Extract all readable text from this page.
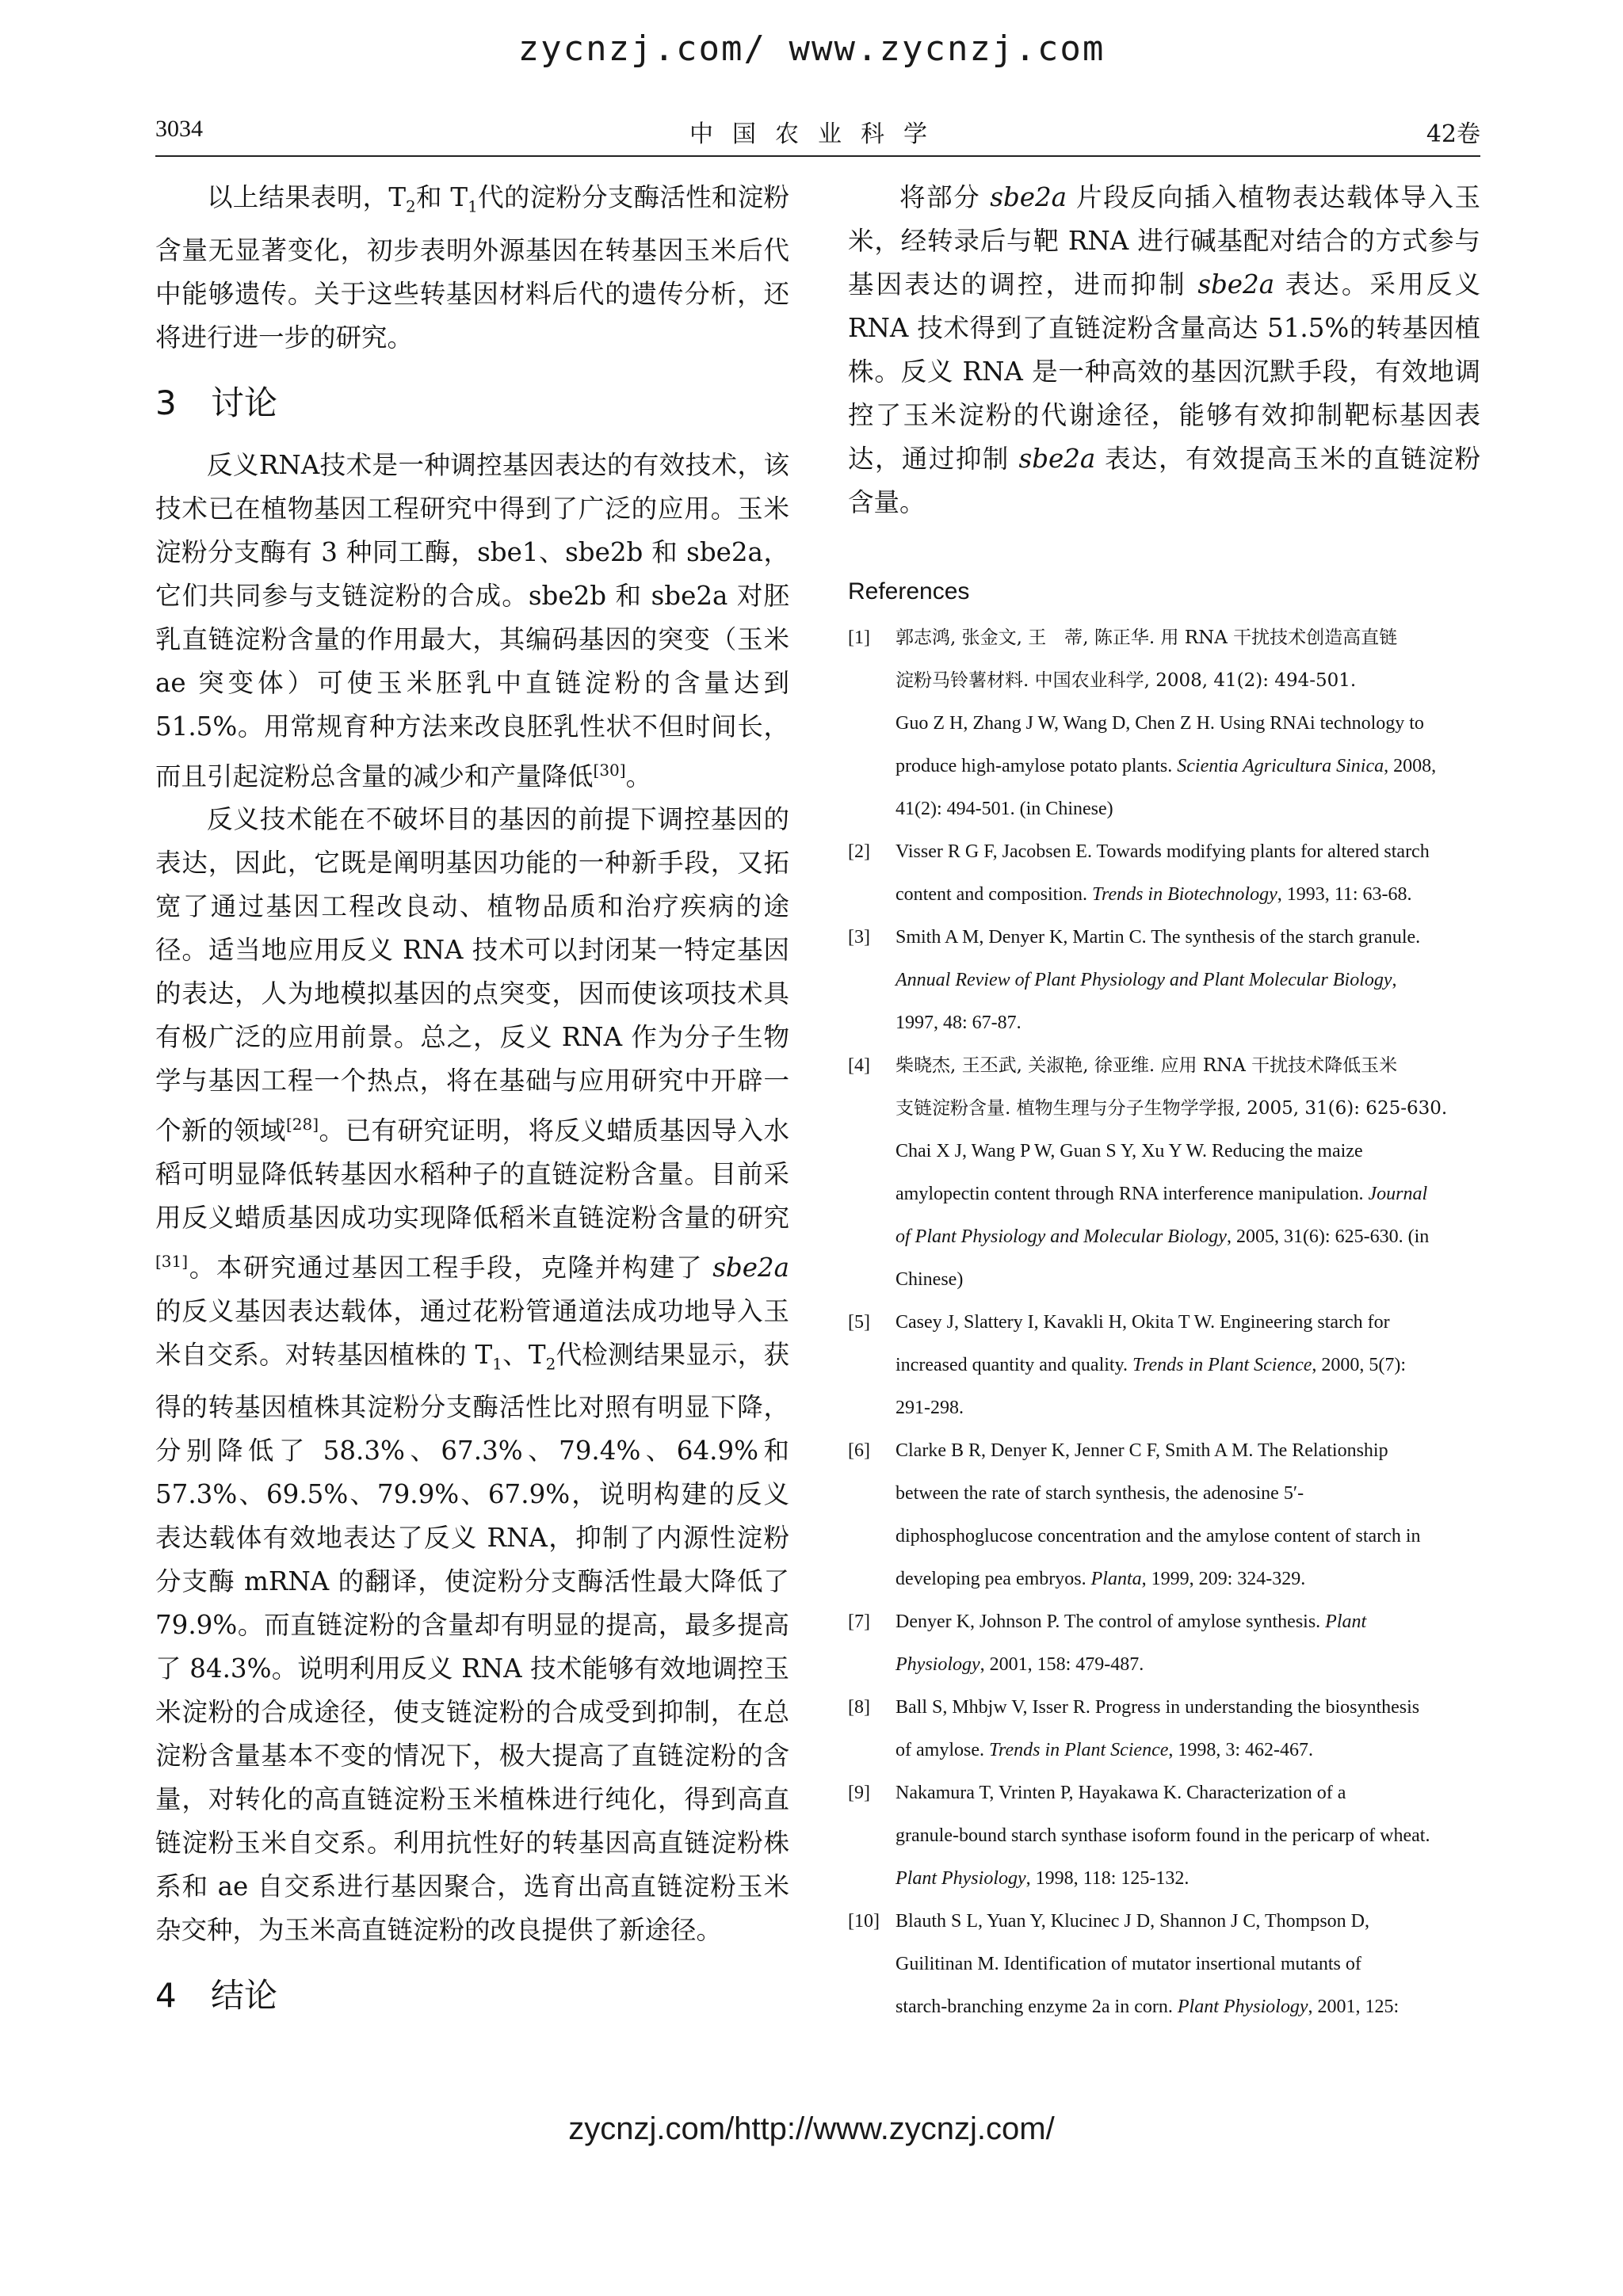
zycnzj.com/ www.zycnzj.com
3034	中国农业科学	42卷

以上结果表明，$T_2$和 $T_1$代的淀粉分支酶活性和淀粉含量无显著变化，初步表明外源基因在转基因玉米后代中能够遗传。关于这些转基因材料后代的遗传分析，还将进行进一步的研究。

3 讨论

反义RNA技术是一种调控基因表达的有效技术，该技术已在植物基因工程研究中得到了广泛的应用。玉米淀粉分支酶有 3 种同工酶，sbe1、sbe2b 和 sbe2a，它们共同参与支链淀粉的合成。sbe2b 和 sbe2a 对胚乳直链淀粉含量的作用最大，其编码基因的突变（玉米 ae 突变体）可使玉米胚乳中直链淀粉的含量达到 51.5%。用常规育种方法来改良胚乳性状不但时间长，而且引起淀粉总含量的减少和产量降低[30]。

反义技术能在不破坏目的基因的前提下调控基因的表达，因此，它既是阐明基因功能的一种新手段，又拓宽了通过基因工程改良动、植物品质和治疗疾病的途径。适当地应用反义 RNA 技术可以封闭某一特定基因的表达，人为地模拟基因的点突变，因而使该项技术具有极广泛的应用前景。总之，反义 RNA 作为分子生物学与基因工程一个热点，将在基础与应用研究中开辟一个新的领域[28]。已有研究证明，将反义蜡质基因导入水稻可明显降低转基因水稻种子的直链淀粉含量。目前采用反义蜡质基因成功实现降低稻米直链淀粉含量的研究[31]。本研究通过基因工程手段，克隆并构建了 sbe2a 的反义基因表达载体，通过花粉管通道法成功地导入玉米自交系。对转基因植株的 $T_1$、$T_2$代检测结果显示，获得的转基因植株其淀粉分支酶活性比对照有明显下降，分别降低了 58.3%、67.3%、79.4%、64.9%和 57.3%、69.5%、79.9%、67.9%，说明构建的反义表达载体有效地表达了反义 RNA，抑制了内源性淀粉分支酶 mRNA 的翻译，使淀粉分支酶活性最大降低了 79.9%。而直链淀粉的含量却有明显的提高，最多提高了 84.3%。说明利用反义 RNA 技术能够有效地调控玉米淀粉的合成途径，使支链淀粉的合成受到抑制，在总淀粉含量基本不变的情况下，极大提高了直链淀粉的含量，对转化的高直链淀粉玉米植株进行纯化，得到高直链淀粉玉米自交系。利用抗性好的转基因高直链淀粉株系和 ae 自交系进行基因聚合，选育出高直链淀粉玉米杂交种，为玉米高直链淀粉的改良提供了新途径。

4 结论

将部分 sbe2a 片段反向插入植物表达载体导入玉米，经转录后与靶 RNA 进行碱基配对结合的方式参与基因表达的调控，进而抑制 sbe2a 表达。采用反义 RNA 技术得到了直链淀粉含量高达 51.5%的转基因植株。反义 RNA 是一种高效的基因沉默手段，有效地调控了玉米淀粉的代谢途径，能够有效抑制靶标基因表达，通过抑制 sbe2a 表达，有效提高玉米的直链淀粉含量。

References
[1] 郭志鸿, 张金文, 王　蒂, 陈正华. 用 RNA 干扰技术创造高直链
淀粉马铃薯材料. 中国农业科学, 2008, 41(2): 494-501.
Guo Z H, Zhang J W, Wang D, Chen Z H. Using RNAi technology to
produce high-amylose potato plants. Scientia Agricultura Sinica, 2008,
41(2): 494-501. (in Chinese)
[2] Visser R G F, Jacobsen E. Towards modifying plants for altered starch
content and composition. Trends in Biotechnology, 1993, 11: 63-68.
[3] Smith A M, Denyer K, Martin C. The synthesis of the starch granule.
Annual Review of Plant Physiology and Plant Molecular Biology,
1997, 48: 67-87.
[4] 柴晓杰, 王丕武, 关淑艳, 徐亚维. 应用 RNA 干扰技术降低玉米
支链淀粉含量. 植物生理与分子生物学学报, 2005, 31(6): 625-630.
Chai X J, Wang P W, Guan S Y, Xu Y W. Reducing the maize
amylopectin content through RNA interference manipulation. Journal
of Plant Physiology and Molecular Biology, 2005, 31(6): 625-630. (in
Chinese)
[5] Casey J, Slattery I, Kavakli H, Okita T W. Engineering starch for
increased quantity and quality. Trends in Plant Science, 2000, 5(7):
291-298.
[6] Clarke B R, Denyer K, Jenner C F, Smith A M. The Relationship
between the rate of starch synthesis, the adenosine 5′-
diphosphoglucose concentration and the amylose content of starch in
developing pea embryos. Planta, 1999, 209: 324-329.
[7] Denyer K, Johnson P. The control of amylose synthesis. Plant
Physiology, 2001, 158: 479-487.
[8] Ball S, Mhbjw V, Isser R. Progress in understanding the biosynthesis
of amylose. Trends in Plant Science, 1998, 3: 462-467.
[9] Nakamura T, Vrinten P, Hayakawa K. Characterization of a
granule-bound starch synthase isoform found in the pericarp of wheat.
Plant Physiology, 1998, 118: 125-132.
[10] Blauth S L, Yuan Y, Klucinec J D, Shannon J C, Thompson D,
Guilitinan M. Identification of mutator insertional mutants of
starch-branching enzyme 2a in corn. Plant Physiology, 2001, 125:
zycnzj.com/http://www.zycnzj.com/
